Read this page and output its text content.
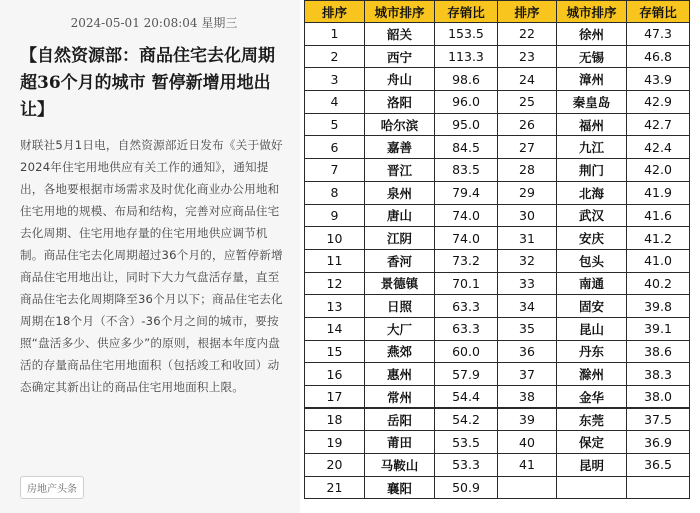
2024-05-01 20:08:04 星期三
【自然资源部：商品住宅去化周期超36个月的城市 暂停新增用地出让】
财联社5月1日电，自然资源部近日发布《关于做好2024年住宅用地供应有关工作的通知》，通知提出，各地要根据市场需求及时优化商业办公用地和住宅用地的规模、布局和结构，完善对应商品住宅去化周期、住宅用地存量的住宅用地供应调节机制。商品住宅去化周期超过36个月的，应暂停新增商品住宅用地出让，同时下大力气盘活存量，直至商品住宅去化周期降至36个月以下；商品住宅去化周期在18个月（不含）-36个月之间的城市，要按照“盘活多少、供应多少”的原则，根据本年度内盘活的存量商品住宅用地面积（包括竣工和收回）动态确定其新出让的商品住宅用地面积上限。
房地产头条
排序	城市排序	存销比	排序	城市排序	存销比
1	韶关	153.5	22	徐州	47.3
2	西宁	113.3	23	无锡	46.8
3	舟山	98.6	24	漳州	43.9
4	洛阳	96.0	25	秦皇岛	42.9
5	哈尔滨	95.0	26	福州	42.7
6	嘉善	84.5	27	九江	42.4
7	晋江	83.5	28	荆门	42.0
8	泉州	79.4	29	北海	41.9
9	唐山	74.0	30	武汉	41.6
10	江阴	74.0	31	安庆	41.2
11	香河	73.2	32	包头	41.0
12	景德镇	70.1	33	南通	40.2
13	日照	63.3	34	固安	39.8
14	大厂	63.3	35	昆山	39.1
15	燕郊	60.0	36	丹东	38.6
16	惠州	57.9	37	滁州	38.3
17	常州	54.4	38	金华	38.0
18	岳阳	54.2	39	东莞	37.5
19	莆田	53.5	40	保定	36.9
20	马鞍山	53.3	41	昆明	36.5
21	襄阳	50.9			
